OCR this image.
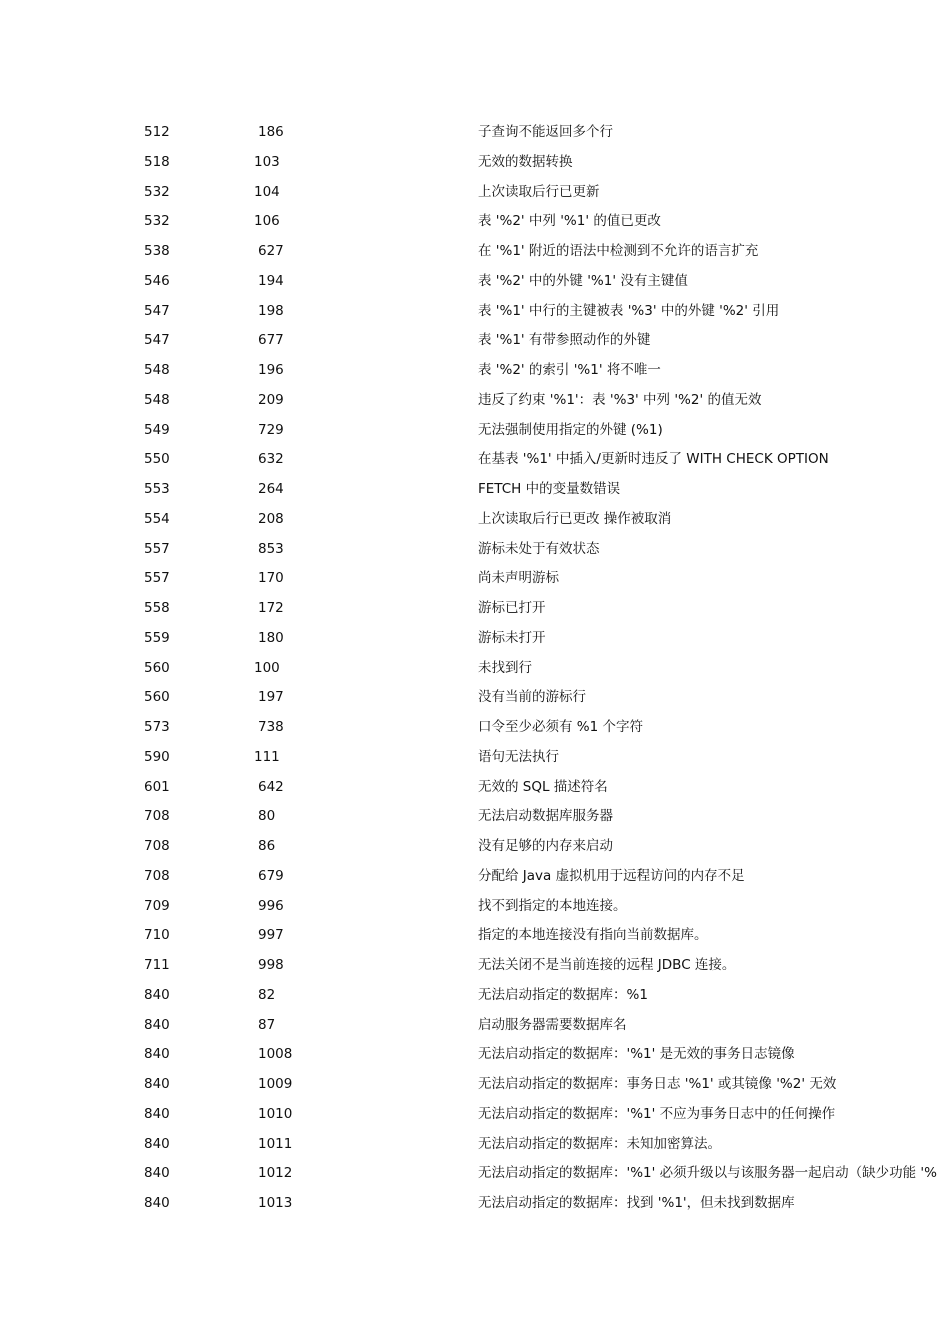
512	186	子查询不能返回多个行
518	103	无效的数据转换
532	104	上次读取后行已更新
532	106	表 '%2' 中列 '%1' 的值已更改
538	627	在 '%1' 附近的语法中检测到不允许的语言扩充
546	194	表 '%2' 中的外键 '%1' 没有主键值
547	198	表 '%1' 中行的主键被表 '%3' 中的外键 '%2' 引用
547	677	表 '%1' 有带参照动作的外键
548	196	表 '%2' 的索引 '%1' 将不唯一
548	209	违反了约束 '%1'：表 '%3' 中列 '%2' 的值无效
549	729	无法强制使用指定的外键 (%1)
550	632	在基表 '%1' 中插入/更新时违反了 WITH CHECK OPTION
553	264	FETCH 中的变量数错误
554	208	上次读取后行已更改 操作被取消
557	853	游标未处于有效状态
557	170	尚未声明游标
558	172	游标已打开
559	180	游标未打开
560	100	未找到行
560	197	没有当前的游标行
573	738	口令至少必须有 %1 个字符
590	111	语句无法执行
601	642	无效的 SQL 描述符名
708	80	无法启动数据库服务器
708	86	没有足够的内存来启动
708	679	分配给 Java 虚拟机用于远程访问的内存不足
709	996	找不到指定的本地连接。
710	997	指定的本地连接没有指向当前数据库。
711	998	无法关闭不是当前连接的远程 JDBC 连接。
840	82	无法启动指定的数据库：%1
840	87	启动服务器需要数据库名
840	1008	无法启动指定的数据库：'%1' 是无效的事务日志镜像
840	1009	无法启动指定的数据库：事务日志 '%1' 或其镜像 '%2' 无效
840	1010	无法启动指定的数据库：'%1' 不应为事务日志中的任何操作
840	1011	无法启动指定的数据库：未知加密算法。
840	1012	无法启动指定的数据库：'%1' 必须升级以与该服务器一起启动（缺少功能 '%
840	1013	无法启动指定的数据库：找到 '%1'，但未找到数据库
